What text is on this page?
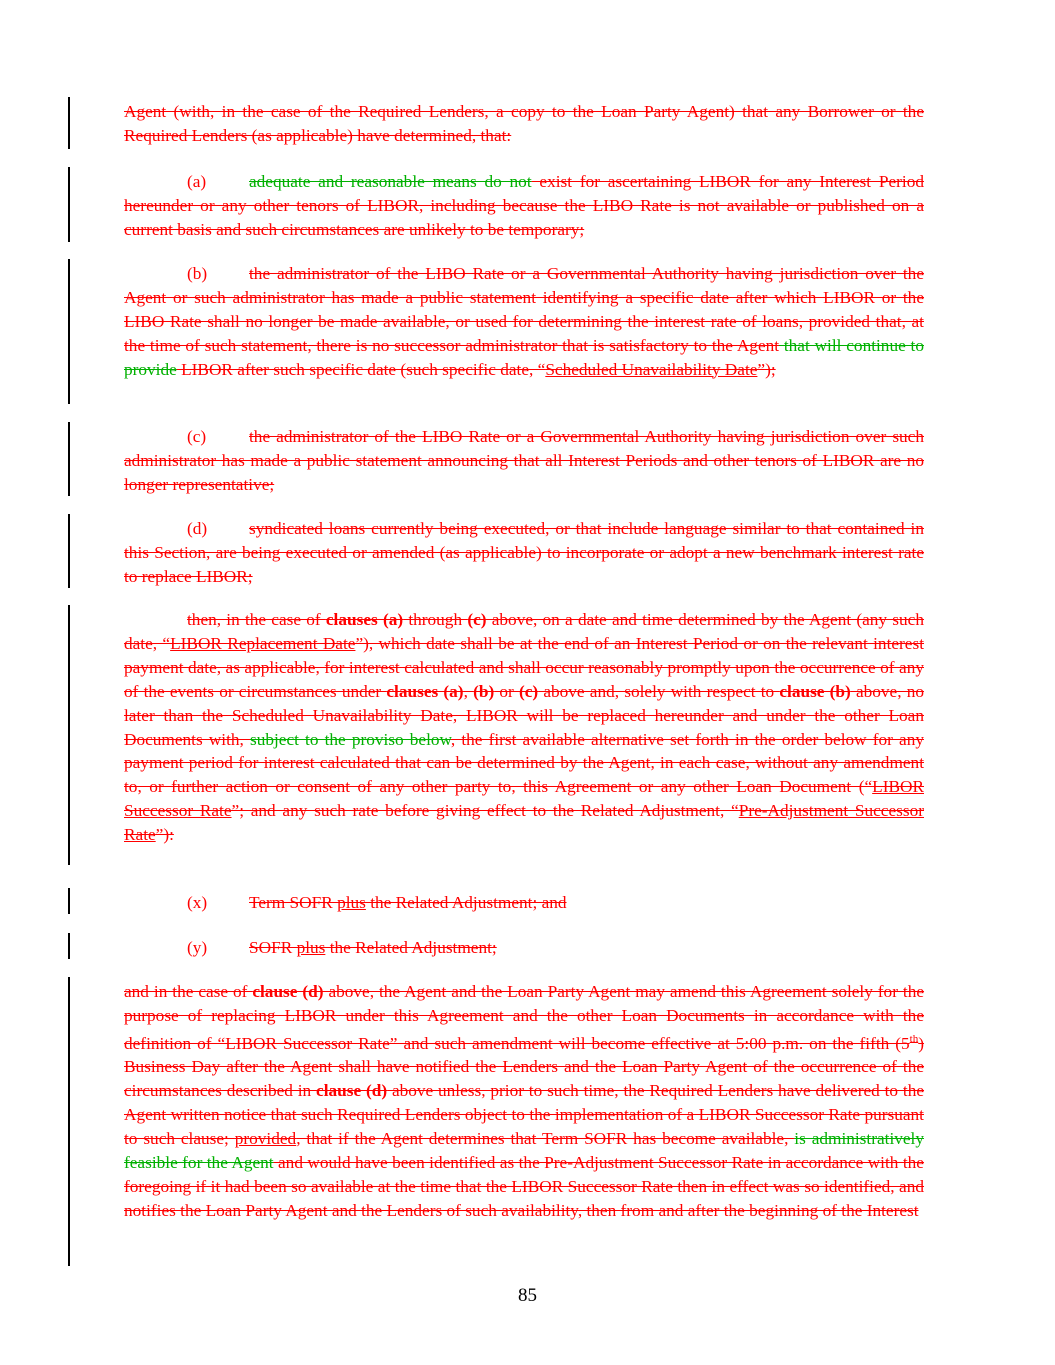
Agent (with, in the case of the Required Lenders, a copy to the Loan Party Agent) that any Borrower or the Required Lenders (as applicable) have determined, that:
(a) adequate and reasonable means do not exist for ascertaining LIBOR for any Interest Period hereunder or any other tenors of LIBOR, including because the LIBO Rate is not available or published on a current basis and such circumstances are unlikely to be temporary;
(b) the administrator of the LIBO Rate or a Governmental Authority having jurisdiction over the Agent or such administrator has made a public statement identifying a specific date after which LIBOR or the LIBO Rate shall no longer be made available, or used for determining the interest rate of loans, provided that, at the time of such statement, there is no successor administrator that is satisfactory to the Agent that will continue to provide LIBOR after such specific date (such specific date, “Scheduled Unavailability Date”);
(c) the administrator of the LIBO Rate or a Governmental Authority having jurisdiction over such administrator has made a public statement announcing that all Interest Periods and other tenors of LIBOR are no longer representative;
(d) syndicated loans currently being executed, or that include language similar to that contained in this Section, are being executed or amended (as applicable) to incorporate or adopt a new benchmark interest rate to replace LIBOR;
then, in the case of clauses (a) through (c) above, on a date and time determined by the Agent (any such date, “LIBOR Replacement Date”), which date shall be at the end of an Interest Period or on the relevant interest payment date, as applicable, for interest calculated and shall occur reasonably promptly upon the occurrence of any of the events or circumstances under clauses (a), (b) or (c) above and, solely with respect to clause (b) above, no later than the Scheduled Unavailability Date, LIBOR will be replaced hereunder and under the other Loan Documents with, subject to the proviso below, the first available alternative set forth in the order below for any payment period for interest calculated that can be determined by the Agent, in each case, without any amendment to, or further action or consent of any other party to, this Agreement or any other Loan Document (“LIBOR Successor Rate”; and any such rate before giving effect to the Related Adjustment, “Pre-Adjustment Successor Rate”):
(x) Term SOFR plus the Related Adjustment; and
(y) SOFR plus the Related Adjustment;
and in the case of clause (d) above, the Agent and the Loan Party Agent may amend this Agreement solely for the purpose of replacing LIBOR under this Agreement and the other Loan Documents in accordance with the definition of “LIBOR Successor Rate” and such amendment will become effective at 5:00 p.m. on the fifth (5th) Business Day after the Agent shall have notified the Lenders and the Loan Party Agent of the occurrence of the circumstances described in clause (d) above unless, prior to such time, the Required Lenders have delivered to the Agent written notice that such Required Lenders object to the implementation of a LIBOR Successor Rate pursuant to such clause; provided, that if the Agent determines that Term SOFR has become available, is administratively feasible for the Agent and would have been identified as the Pre-Adjustment Successor Rate in accordance with the foregoing if it had been so available at the time that the LIBOR Successor Rate then in effect was so identified, and notifies the Loan Party Agent and the Lenders of such availability, then from and after the beginning of the Interest
85
